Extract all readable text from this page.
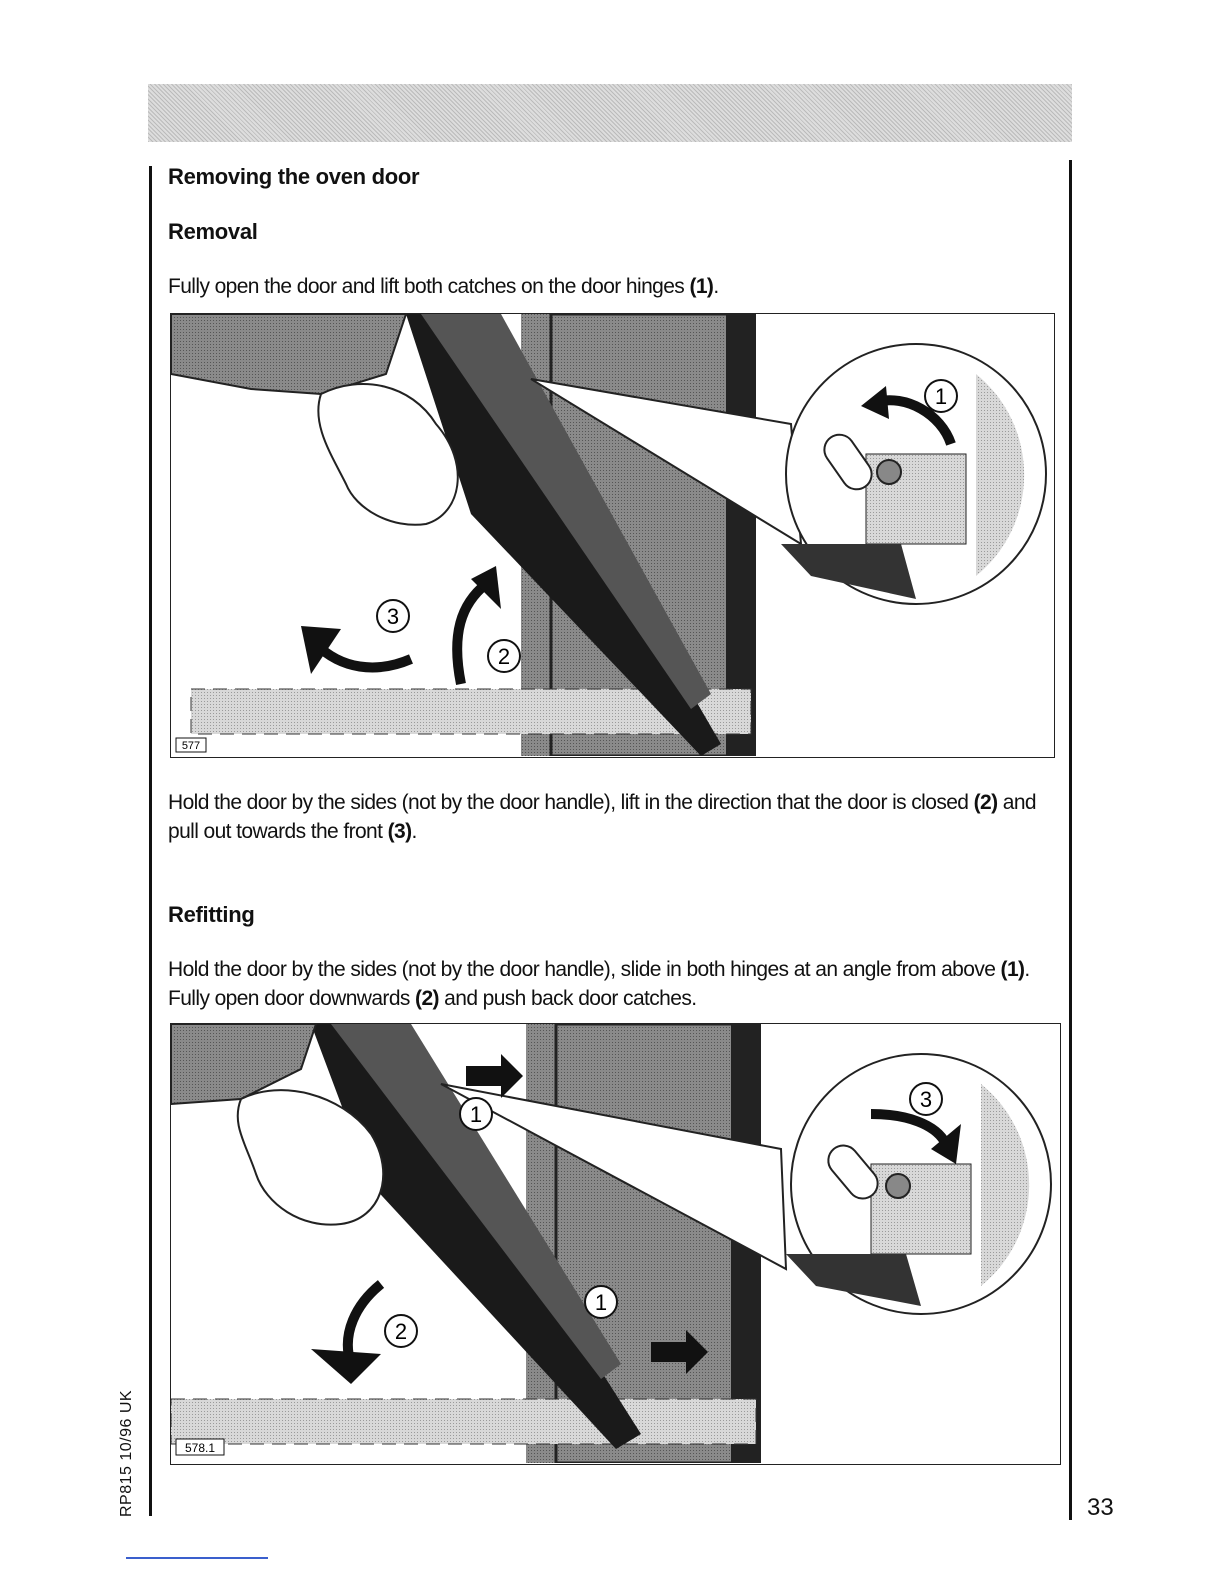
Removing the oven door
Removal
Fully open the door and lift both catches on the door hinges (1).
1
2
3
577
Hold the door by the sides (not by the door handle), lift in the direction that the door is closed (2) and pull out towards the front (3).
Refitting
Hold the door by the sides (not by the door handle), slide in both hinges at an angle from above (1). Fully open door downwards (2) and push back door catches.
1
1
2
3
578.1
RP815 10/96 UK	33
